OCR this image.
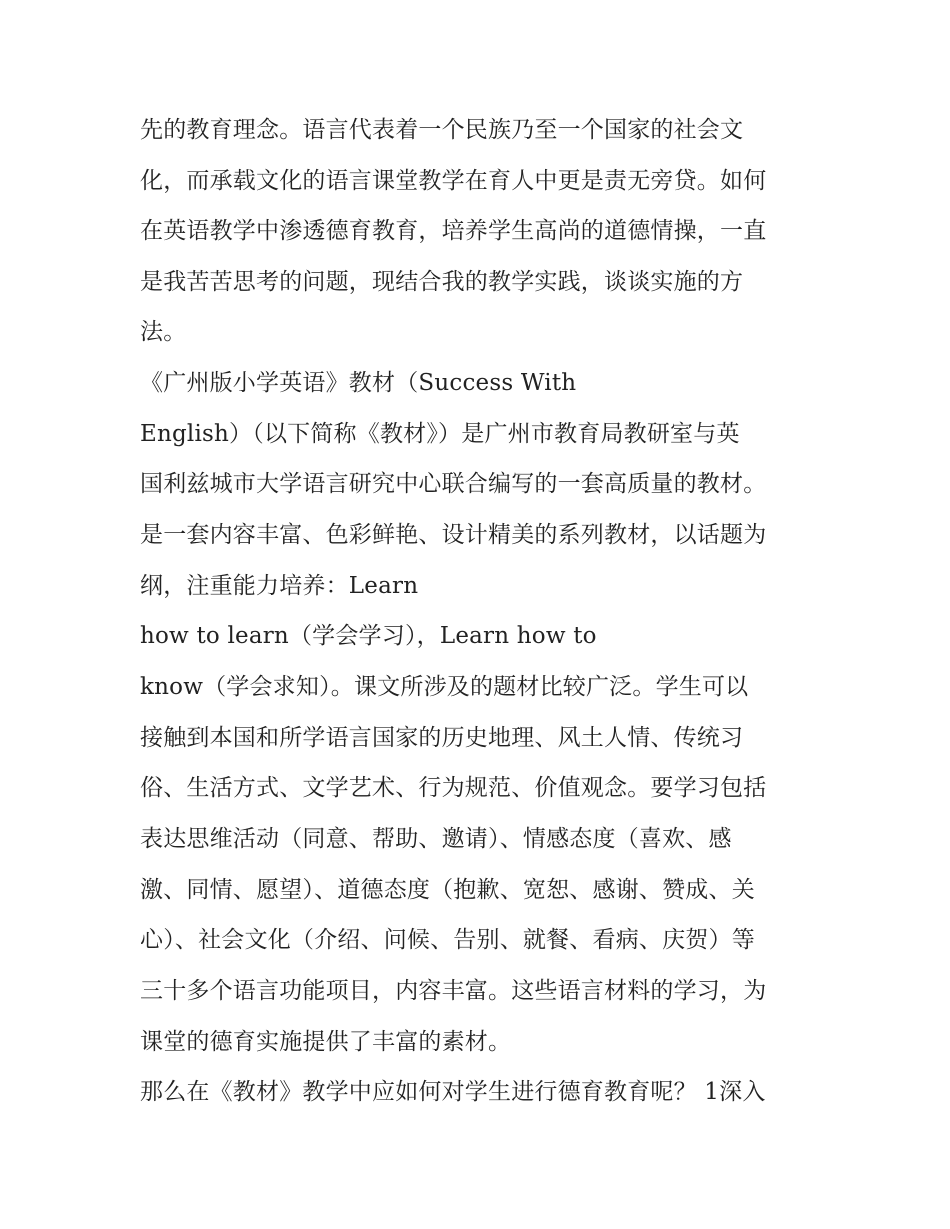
先的教育理念。语言代表着一个民族乃至一个国家的社会文
化，而承载文化的语言课堂教学在育人中更是责无旁贷。如何
在英语教学中渗透德育教育，培养学生高尚的道德情操，一直
是我苦苦思考的问题，现结合我的教学实践，谈谈实施的方
法。
《广州版小学英语》教材（Success With
English）（以下简称《教材》）是广州市教育局教研室与英
国利兹城市大学语言研究中心联合编写的一套高质量的教材。
是一套内容丰富、色彩鲜艳、设计精美的系列教材，以话题为
纲，注重能力培养：Learn
how to learn（学会学习），Learn how to
know（学会求知）。课文所涉及的题材比较广泛。学生可以
接触到本国和所学语言国家的历史地理、风土人情、传统习
俗、生活方式、文学艺术、行为规范、价值观念。要学习包括
表达思维活动（同意、帮助、邀请）、情感态度（喜欢、感
激、同情、愿望）、道德态度（抱歉、宽恕、感谢、赞成、关
心）、社会文化（介绍、问候、告别、就餐、看病、庆贺）等
三十多个语言功能项目，内容丰富。这些语言材料的学习，为
课堂的德育实施提供了丰富的素材。
那么在《教材》教学中应如何对学生进行德育教育呢？ 1深入
